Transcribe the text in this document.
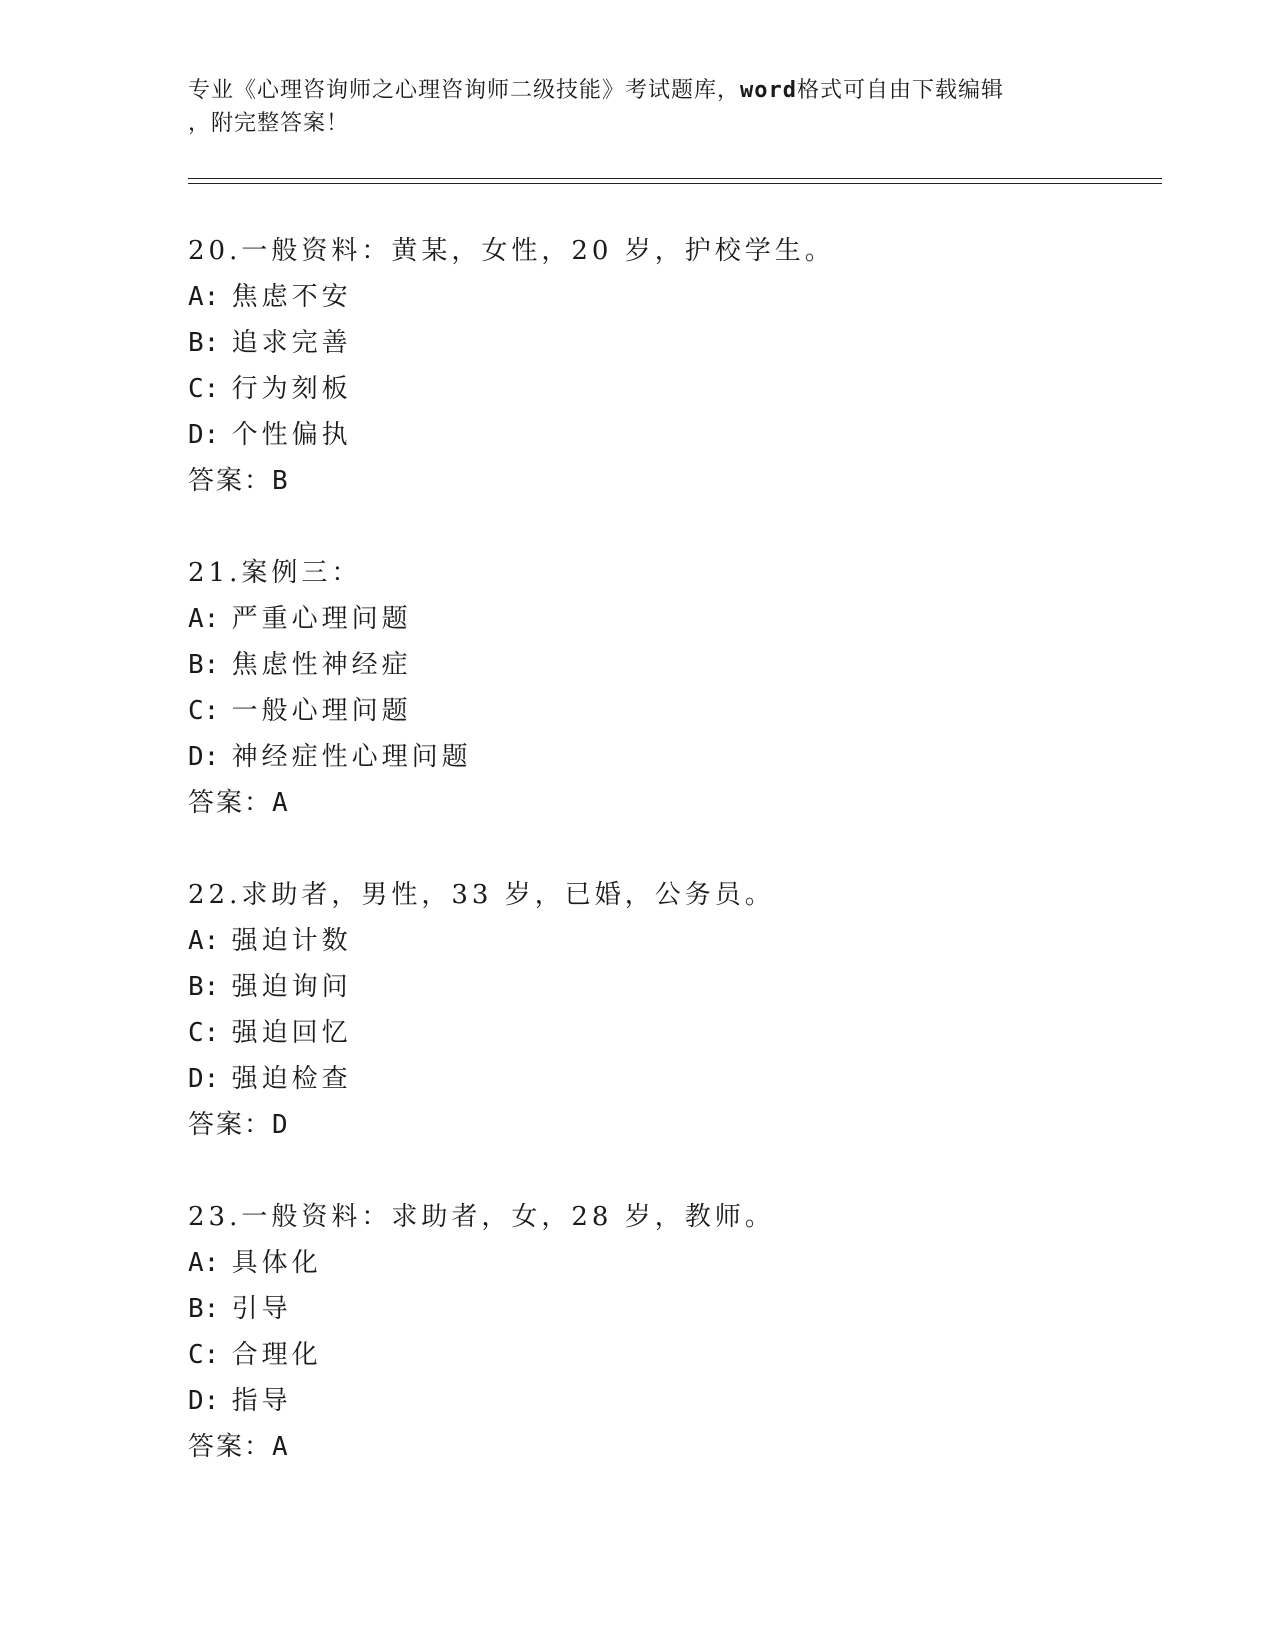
专业《心理咨询师之心理咨询师二级技能》考试题库，word格式可自由下载编辑
，附完整答案！
20.一般资料：黄某，女性，20 岁，护校学生。
A: 焦虑不安
B: 追求完善
C: 行为刻板
D: 个性偏执
答案：B
21.案例三：
A: 严重心理问题
B: 焦虑性神经症
C: 一般心理问题
D: 神经症性心理问题
答案：A
22.求助者，男性，33 岁，已婚，公务员。
A: 强迫计数
B: 强迫询问
C: 强迫回忆
D: 强迫检查
答案：D
23.一般资料：求助者，女，28 岁，教师。
A: 具体化
B: 引导
C: 合理化
D: 指导
答案：A
